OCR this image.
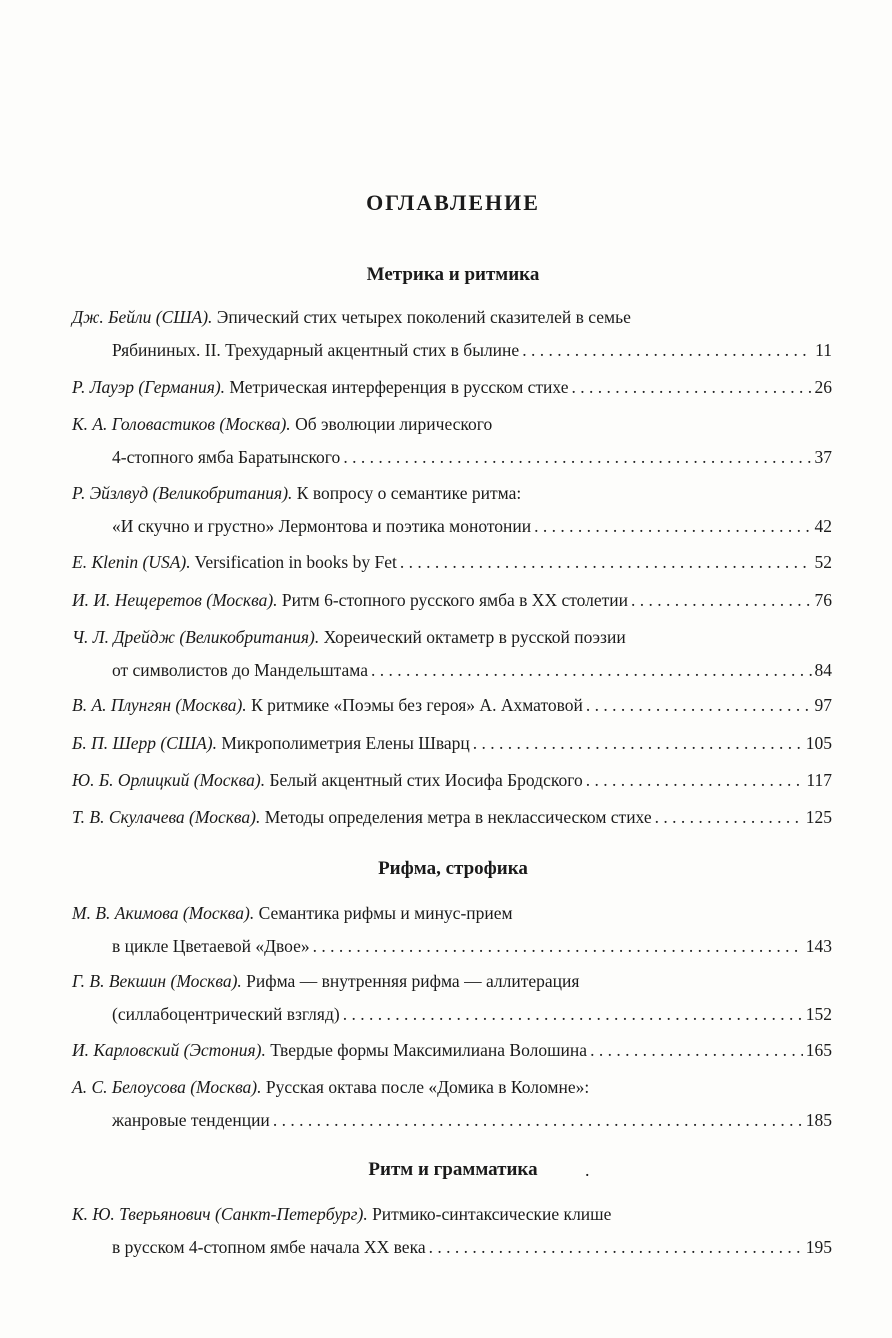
ОГЛАВЛЕНИЕ
Метрика и ритмика
Дж. Бейли (США). Эпический стих четырех поколений сказителей в семье
Рябининых. II. Трехударный акцентный стих в былине . . .	11
Р. Лауэр (Германия). Метрическая интерференция в русском стихе . . .	26
К. А. Головастиков (Москва). Об эволюции лирического
4-стопного ямба Баратынского . . .	37
Р. Эйзлвуд (Великобритания). К вопросу о семантике ритма:
«И скучно и грустно» Лермонтова и поэтика монотонии . . .	42
E. Klenin (USA). Versification in books by Fet . . .	52
И. И. Нещеретов (Москва). Ритм 6-стопного русского ямба в XX столетии . . .	76
Ч. Л. Дрейдж (Великобритания). Хореический октаметр в русской поэзии
от символистов до Мандельштама . . .	84
В. А. Плунгян (Москва). К ритмике «Поэмы без героя» А. Ахматовой . . .	97
Б. П. Шерр (США). Микрополиметрия Елены Шварц . . .	105
Ю. Б. Орлицкий (Москва). Белый акцентный стих Иосифа Бродского . . .	117
Т. В. Скулачева (Москва). Методы определения метра в неклассическом стихе . . .	125
Рифма, строфика
М. В. Акимова (Москва). Семантика рифмы и минус-прием
в цикле Цветаевой «Двое» . . .	143
Г. В. Векшин (Москва). Рифма — внутренняя рифма — аллитерация
(силлабоцентрический взгляд) . . .	152
И. Карловский (Эстония). Твердые формы Максимилиана Волошина . . .	165
А. С. Белоусова (Москва). Русская октава после «Домика в Коломне»:
жанровые тенденции . . .	185
Ритм и грамматика	.
К. Ю. Тверьянович (Санкт-Петербург). Ритмико-синтаксические клише
в русском 4-стопном ямбе начала XX века . . .	195
